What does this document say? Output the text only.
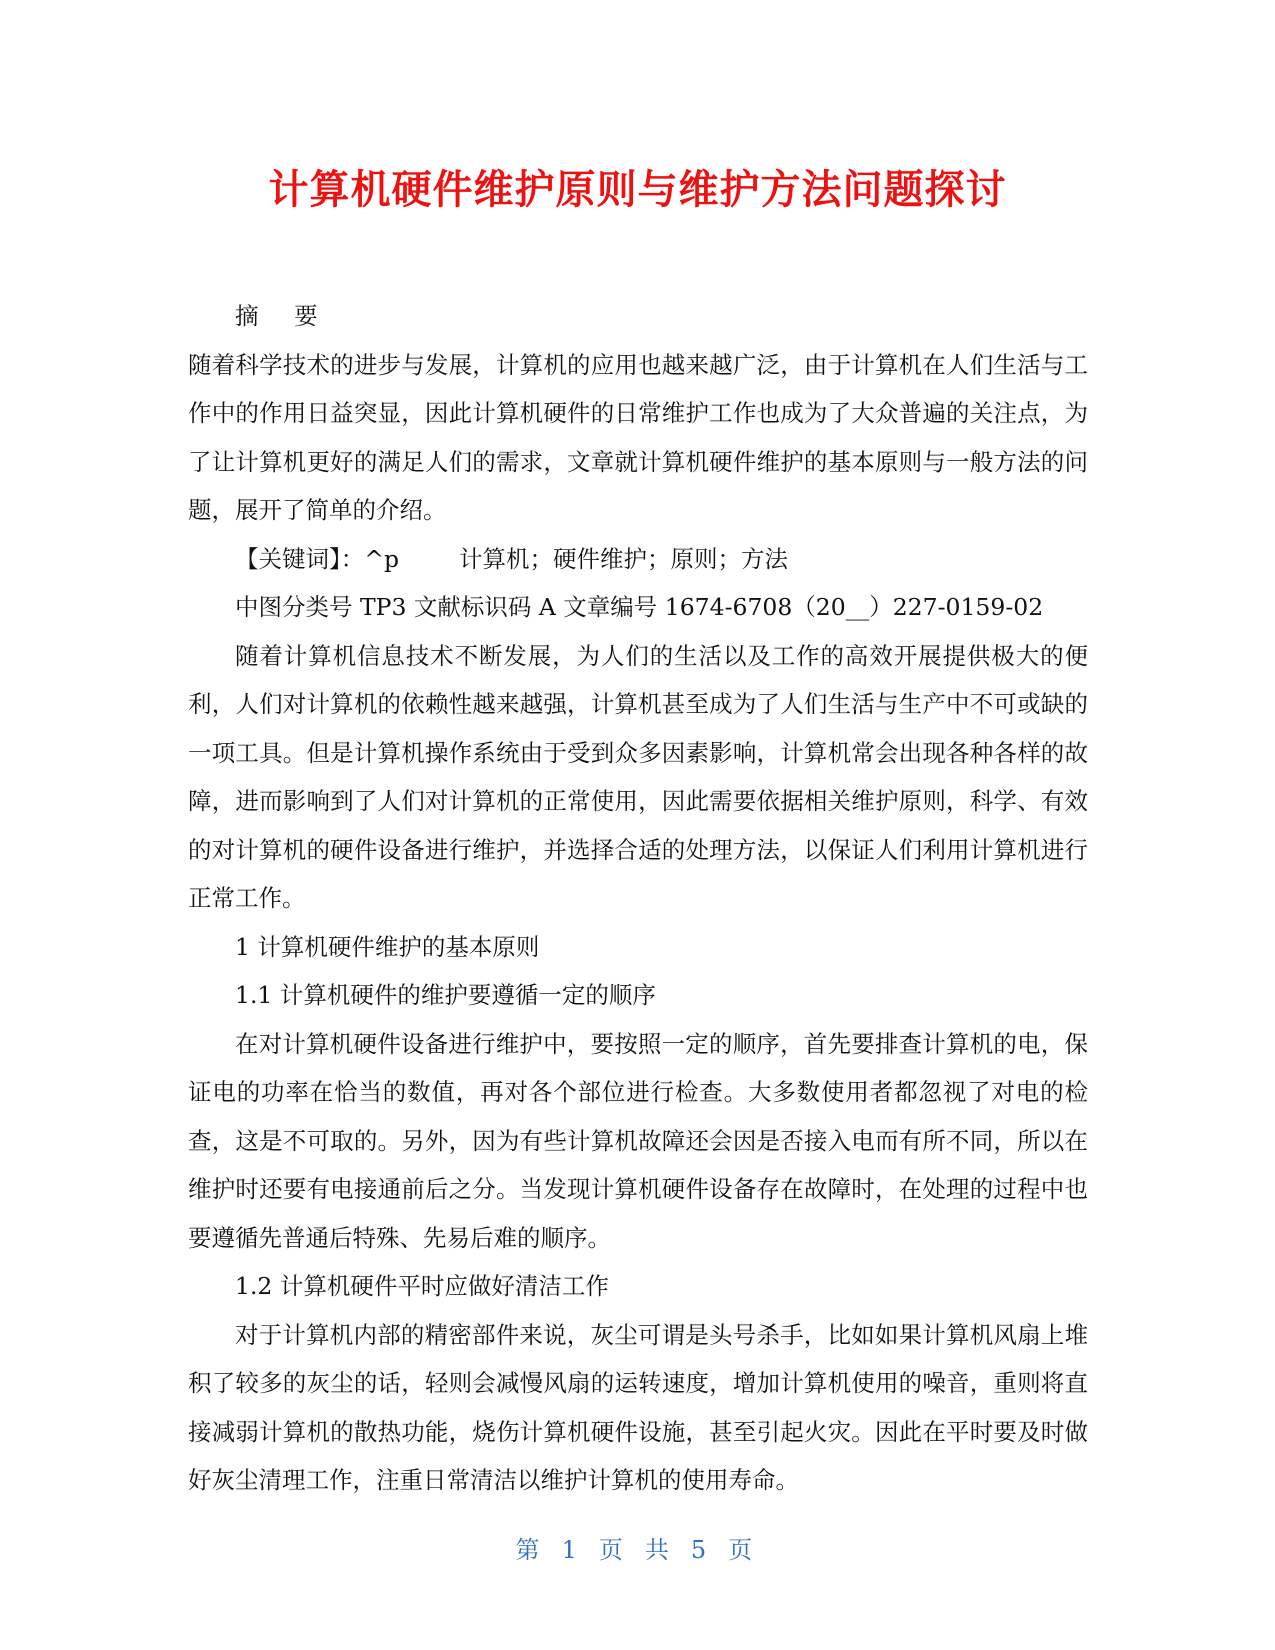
计算机硬件维护原则与维护方法问题探讨

摘 要

随着科学技术的进步与发展，计算机的应用也越来越广泛，由于计算机在人们生活与工作中的作用日益突显，因此计算机硬件的日常维护工作也成为了大众普遍的关注点，为了让计算机更好的满足人们的需求，文章就计算机硬件维护的基本原则与一般方法的问题，展开了简单的介绍。

【关键词】：^p	计算机；硬件维护；原则；方法

中图分类号 TP3 文献标识码 A 文章编号 1674-6708（20__）227-0159-02

随着计算机信息技术不断发展，为人们的生活以及工作的高效开展提供极大的便利，人们对计算机的依赖性越来越强，计算机甚至成为了人们生活与生产中不可或缺的一项工具。但是计算机操作系统由于受到众多因素影响，计算机常会出现各种各样的故障，进而影响到了人们对计算机的正常使用，因此需要依据相关维护原则，科学、有效的对计算机的硬件设备进行维护，并选择合适的处理方法，以保证人们利用计算机进行正常工作。

1 计算机硬件维护的基本原则

1.1 计算机硬件的维护要遵循一定的顺序

在对计算机硬件设备进行维护中，要按照一定的顺序，首先要排查计算机的电，保证电的功率在恰当的数值，再对各个部位进行检查。大多数使用者都忽视了对电的检查，这是不可取的。另外，因为有些计算机故障还会因是否接入电而有所不同，所以在维护时还要有电接通前后之分。当发现计算机硬件设备存在故障时，在处理的过程中也要遵循先普通后特殊、先易后难的顺序。

1.2 计算机硬件平时应做好清洁工作

对于计算机内部的精密部件来说，灰尘可谓是头号杀手，比如如果计算机风扇上堆积了较多的灰尘的话，轻则会减慢风扇的运转速度，增加计算机使用的噪音，重则将直接减弱计算机的散热功能，烧伤计算机硬件设施，甚至引起火灾。因此在平时要及时做好灰尘清理工作，注重日常清洁以维护计算机的使用寿命。

第 1 页 共 5 页
